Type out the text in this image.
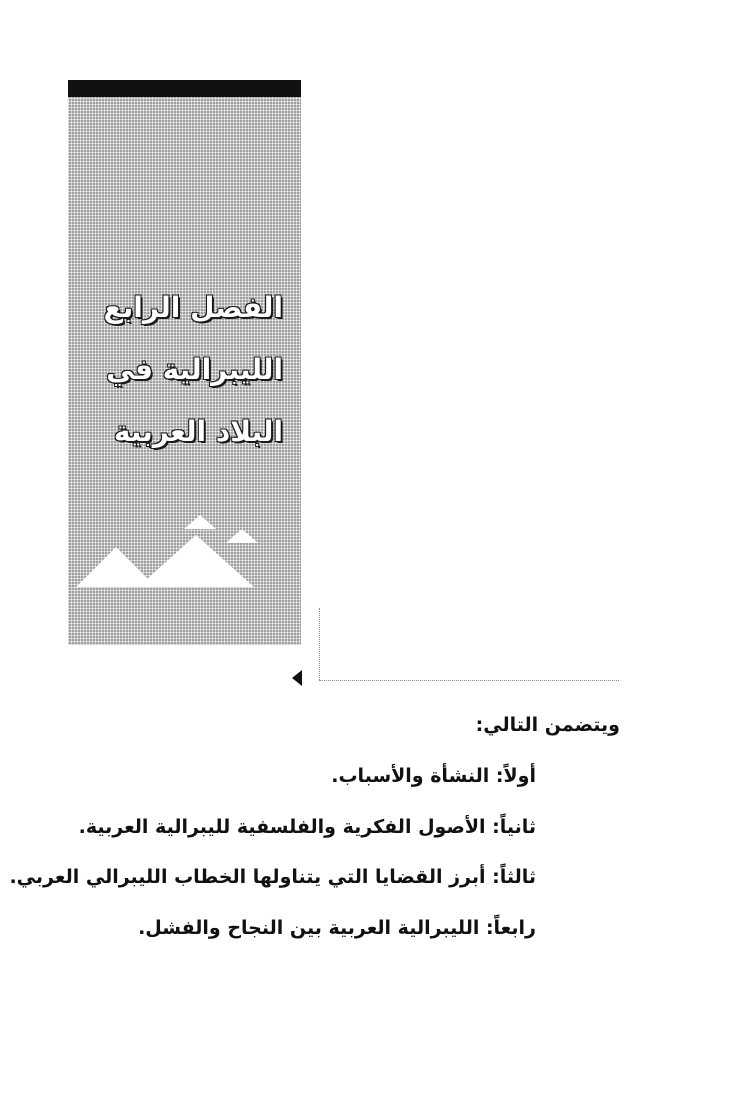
الفصل الرابع
الليبرالية في
البلاد العربية
ويتضمن التالي:
أولاً: النشأة والأسباب.
ثانياً: الأصول الفكرية والفلسفية لليبرالية العربية.
ثالثاً: أبرز القضايا التي يتناولها الخطاب الليبرالي العربي.
رابعاً: الليبرالية العربية بين النجاح والفشل.
